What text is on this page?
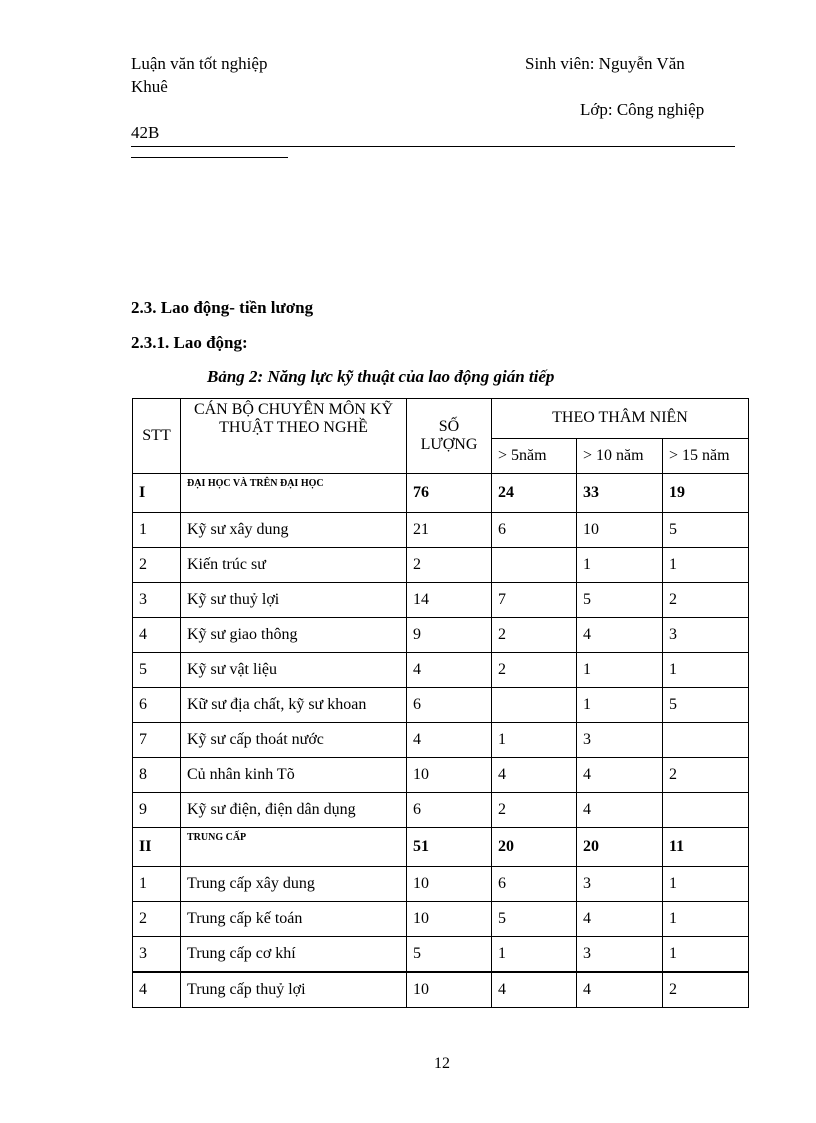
Luận văn tốt nghiệp
Khuê
Sinh viên: Nguyễn Văn
Lớp: Công nghiệp
42B
2.3. Lao động- tiền lương
2.3.1. Lao động:
Bảng 2: Năng lực kỹ thuật của lao động gián tiếp
STT	CÁN BỘ CHUYÊN MÔN KỸ THUẬT THEO NGHỀ	SỐ LƯỢNG	THEO THÂM NIÊN		
			> 5năm	> 10 năm	> 15 năm
I	ĐẠI HỌC VÀ TRÊN ĐẠI HỌC	76	24	33	19
1	Kỹ sư xây dung	21	6	10	5
2	Kiến trúc sư	2		1	1
3	Kỹ sư thuỷ lợi	14	7	5	2
4	Kỹ sư giao thông	9	2	4	3
5	Kỹ sư vật liệu	4	2	1	1
6	Kữ sư địa chất, kỹ sư khoan	6		1	5
7	Kỹ sư cấp thoát nước	4	1	3	
8	Củ nhân kinh Tõ	10	4	4	2
9	Kỹ sư điện, điện dân dụng	6	2	4	
II	TRUNG CẤP	51	20	20	11
1	Trung cấp xây dung	10	6	3	1
2	Trung cấp kế toán	10	5	4	1
3	Trung cấp cơ khí	5	1	3	1
4	Trung cấp thuỷ lợi	10	4	4	2
12
